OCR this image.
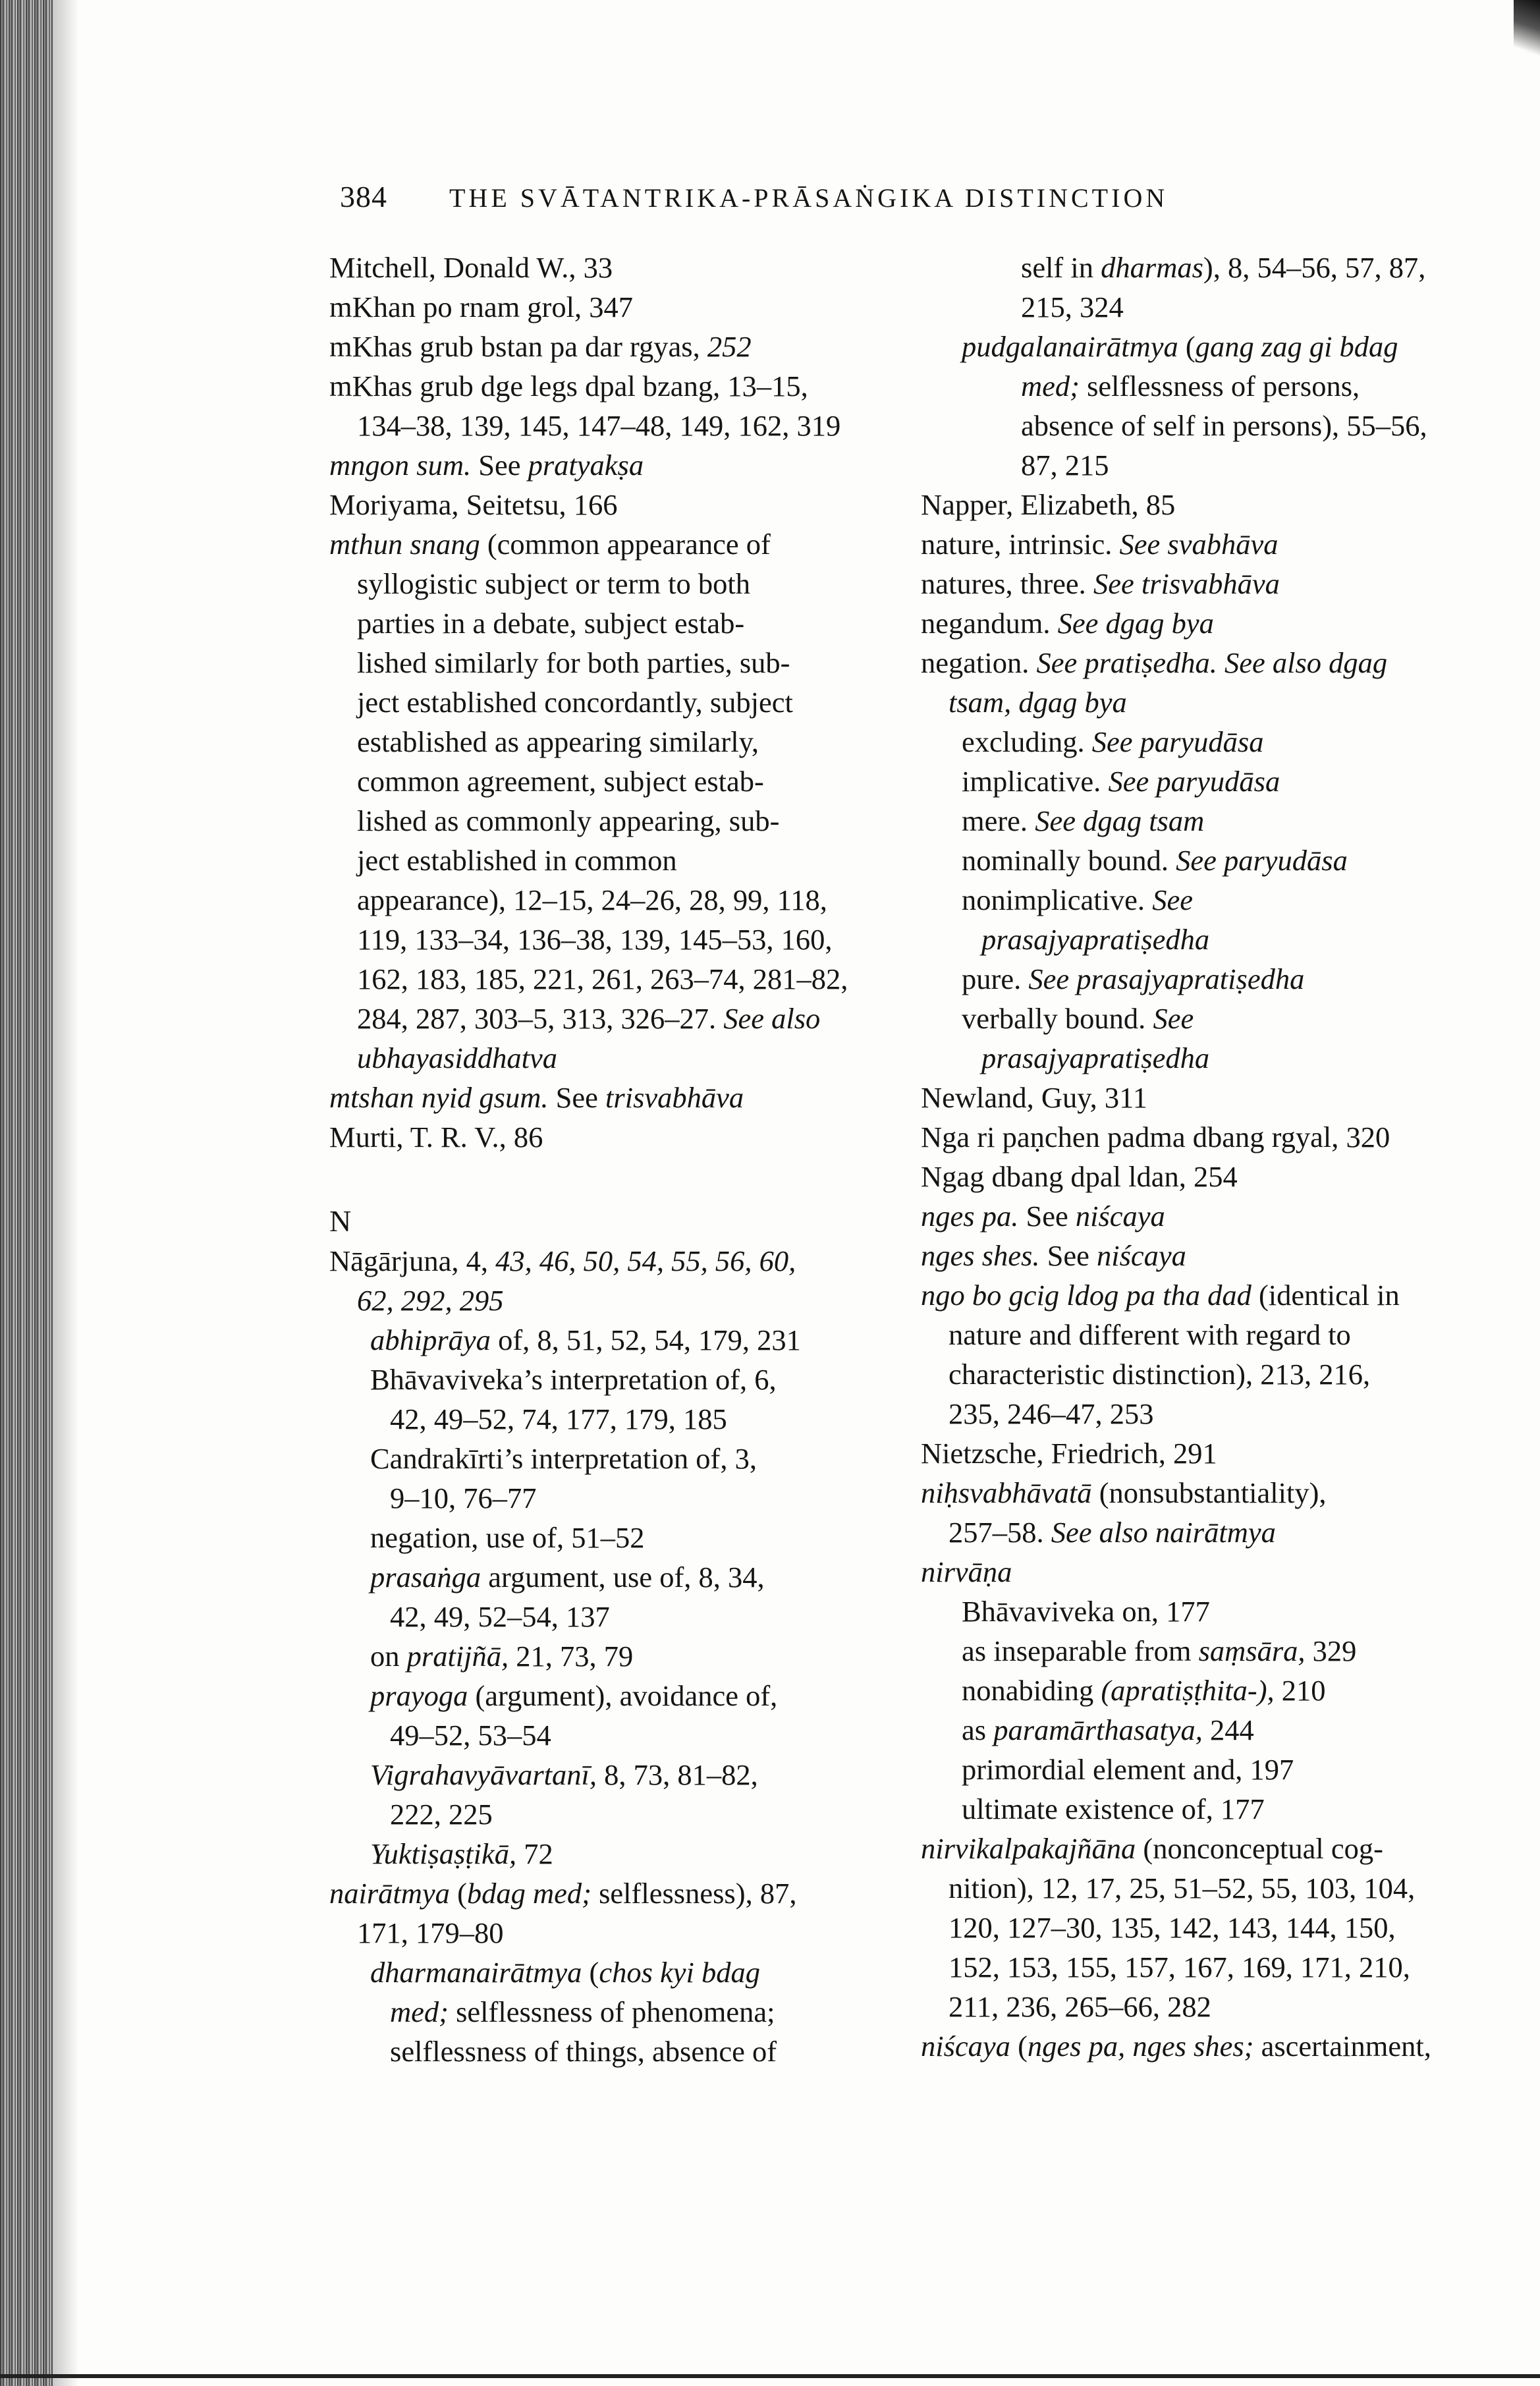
384 THE SVĀTANTRIKA-PRĀSAṄGIKA DISTINCTION
Mitchell, Donald W., 33
mKhan po rnam grol, 347
mKhas grub bstan pa dar rgyas, 252
mKhas grub dge legs dpal bzang, 13–15,
134–38, 139, 145, 147–48, 149, 162, 319
mngon sum. See pratyakṣa
Moriyama, Seitetsu, 166
mthun snang (common appearance of
syllogistic subject or term to both
parties in a debate, subject estab-
lished similarly for both parties, sub-
ject established concordantly, subject
established as appearing similarly,
common agreement, subject estab-
lished as commonly appearing, sub-
ject established in common
appearance), 12–15, 24–26, 28, 99, 118,
119, 133–34, 136–38, 139, 145–53, 160,
162, 183, 185, 221, 261, 263–74, 281–82,
284, 287, 303–5, 313, 326–27. See also
ubhayasiddhatva
mtshan nyid gsum. See trisvabhāva
Murti, T. R. V., 86
N
Nāgārjuna, 4, 43, 46, 50, 54, 55, 56, 60,
62, 292, 295
abhiprāya of, 8, 51, 52, 54, 179, 231
Bhāvaviveka’s interpretation of, 6,
42, 49–52, 74, 177, 179, 185
Candrakīrti’s interpretation of, 3,
9–10, 76–77
negation, use of, 51–52
prasaṅga argument, use of, 8, 34,
42, 49, 52–54, 137
on pratijñā, 21, 73, 79
prayoga (argument), avoidance of,
49–52, 53–54
Vigrahavyāvartanī, 8, 73, 81–82,
222, 225
Yuktiṣaṣṭikā, 72
nairātmya (bdag med; selflessness), 87,
171, 179–80
dharmanairātmya (chos kyi bdag
med; selflessness of phenomena;
selflessness of things, absence of
self in dharmas), 8, 54–56, 57, 87,
215, 324
pudgalanairātmya (gang zag gi bdag
med; selflessness of persons,
absence of self in persons), 55–56,
87, 215
Napper, Elizabeth, 85
nature, intrinsic. See svabhāva
natures, three. See trisvabhāva
negandum. See dgag bya
negation. See pratiṣedha. See also dgag
tsam, dgag bya
excluding. See paryudāsa
implicative. See paryudāsa
mere. See dgag tsam
nominally bound. See paryudāsa
nonimplicative. See
prasajyapratiṣedha
pure. See prasajyapratiṣedha
verbally bound. See
prasajyapratiṣedha
Newland, Guy, 311
Nga ri paṇchen padma dbang rgyal, 320
Ngag dbang dpal ldan, 254
nges pa. See niścaya
nges shes. See niścaya
ngo bo gcig ldog pa tha dad (identical in
nature and different with regard to
characteristic distinction), 213, 216,
235, 246–47, 253
Nietzsche, Friedrich, 291
niḥsvabhāvatā (nonsubstantiality),
257–58. See also nairātmya
nirvāṇa
Bhāvaviveka on, 177
as inseparable from saṃsāra, 329
nonabiding (apratiṣṭhita-), 210
as paramārthasatya, 244
primordial element and, 197
ultimate existence of, 177
nirvikalpakajñāna (nonconceptual cog-
nition), 12, 17, 25, 51–52, 55, 103, 104,
120, 127–30, 135, 142, 143, 144, 150,
152, 153, 155, 157, 167, 169, 171, 210,
211, 236, 265–66, 282
niścaya (nges pa, nges shes; ascertainment,
